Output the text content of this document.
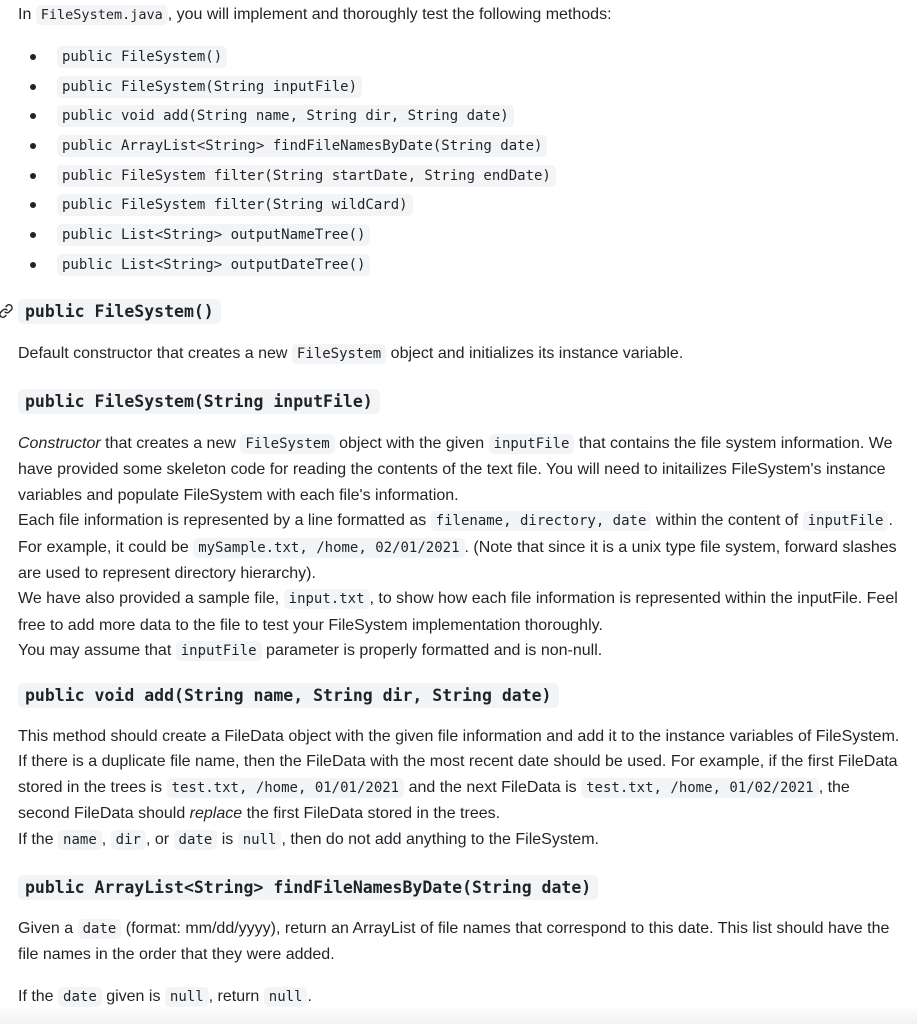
In FileSystem.java , you will implement and thoroughly test the following methods:

public FileSystem()
public FileSystem(String inputFile)
public void add(String name, String dir, String date)
public ArrayList<String> findFileNamesByDate(String date)
public FileSystem filter(String startDate, String endDate)
public FileSystem filter(String wildCard)
public List<String> outputNameTree()
public List<String> outputDateTree()
public FileSystem()

Default constructor that creates a new FileSystem object and initializes its instance variable.

public FileSystem(String inputFile)

Constructor that creates a new FileSystem object with the given inputFile that contains the file system information. We have provided some skeleton code for reading the contents of the text file. You will need to initailizes FileSystem's instance variables and populate FileSystem with each file's information.
Each file information is represented by a line formatted as filename, directory, date within the content of inputFile . For example, it could be mySample.txt, /home, 02/01/2021 . (Note that since it is a unix type file system, forward slashes are used to represent directory hierarchy).
We have also provided a sample file, input.txt , to show how each file information is represented within the inputFile. Feel free to add more data to the file to test your FileSystem implementation thoroughly.
You may assume that inputFile parameter is properly formatted and is non-null.

public void add(String name, String dir, String date)

This method should create a FileData object with the given file information and add it to the instance variables of FileSystem. If there is a duplicate file name, then the FileData with the most recent date should be used. For example, if the first FileData stored in the trees is test.txt, /home, 01/01/2021 and the next FileData is test.txt, /home, 01/02/2021 , the second FileData should replace the first FileData stored in the trees.
If the name , dir , or date is null , then do not add anything to the FileSystem.

public ArrayList<String> findFileNamesByDate(String date)

Given a date (format: mm/dd/yyyy), return an ArrayList of file names that correspond to this date. This list should have the file names in the order that they were added.

If the date given is null , return null .
